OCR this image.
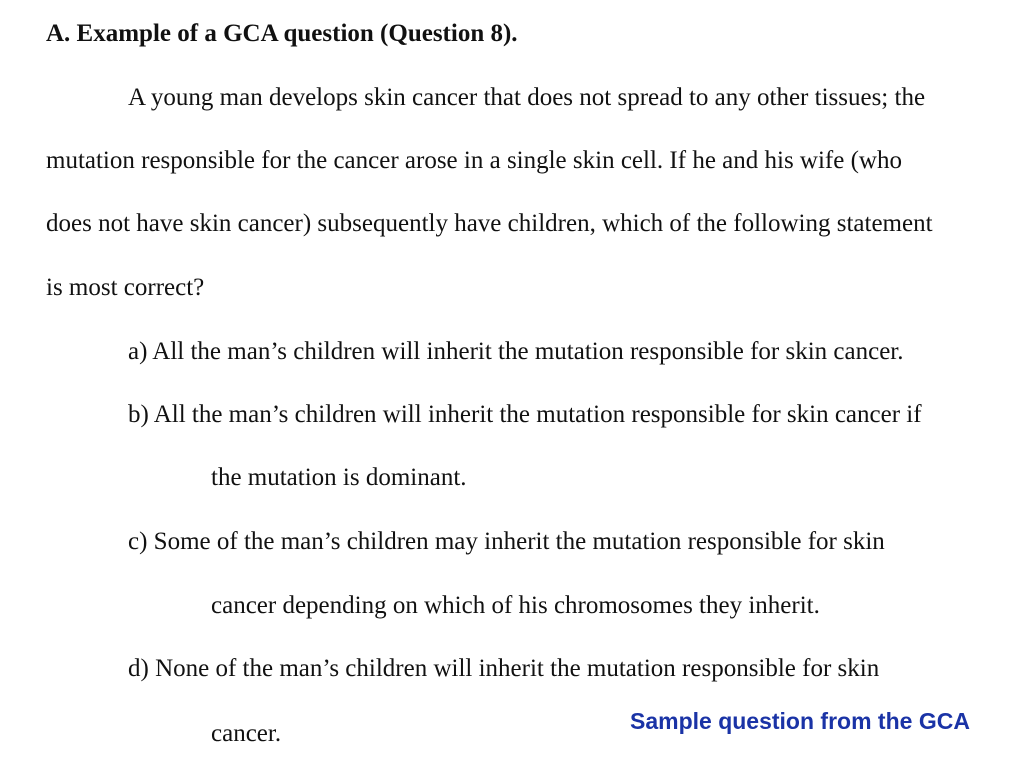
A. Example of a GCA question (Question 8).
A young man develops skin cancer that does not spread to any other tissues; the
mutation responsible for the cancer arose in a single skin cell. If he and his wife (who
does not have skin cancer) subsequently have children, which of the following statement
is most correct?
a) All the man’s children will inherit the mutation responsible for skin cancer.
b) All the man’s children will inherit the mutation responsible for skin cancer if
the mutation is dominant.
c) Some of the man’s children may inherit the mutation responsible for skin
cancer depending on which of his chromosomes they inherit.
d) None of the man’s children will inherit the mutation responsible for skin
cancer.	Sample question from the GCA
